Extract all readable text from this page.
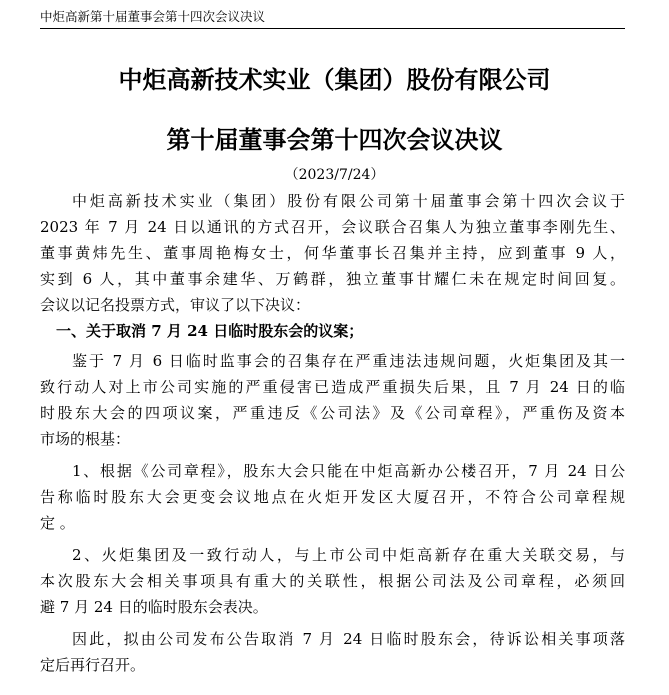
中炬高新第十届董事会第十四次会议决议
中炬高新技术实业（集团）股份有限公司
第十届董事会第十四次会议决议
（2023/7/24）
中炬高新技术实业（集团）股份有限公司第十届董事会第十四次会议于
2023 年 7 月 24 日以通讯的方式召开，会议联合召集人为独立董事李刚先生、
董事黄炜先生、董事周艳梅女士，何华董事长召集并主持，应到董事 9 人，
实到 6 人，其中董事余建华、万鹤群，独立董事甘耀仁未在规定时间回复。
会议以记名投票方式，审议了以下决议：
一、关于取消 7 月 24 日临时股东会的议案；
鉴于 7 月 6 日临时监事会的召集存在严重违法违规问题，火炬集团及其一
致行动人对上市公司实施的严重侵害已造成严重损失后果，且 7 月 24 日的临
时股东大会的四项议案，严重违反《公司法》及《公司章程》，严重伤及资本
市场的根基：
1、根据《公司章程》，股东大会只能在中炬高新办公楼召开，7 月 24 日公
告称临时股东大会更变会议地点在火炬开发区大厦召开，不符合公司章程规
定 。
2、火炬集团及一致行动人，与上市公司中炬高新存在重大关联交易，与
本次股东大会相关事项具有重大的关联性，根据公司法及公司章程，必须回
避 7 月 24 日的临时股东会表决。
因此，拟由公司发布公告取消 7 月 24 日临时股东会，待诉讼相关事项落
定后再行召开。
